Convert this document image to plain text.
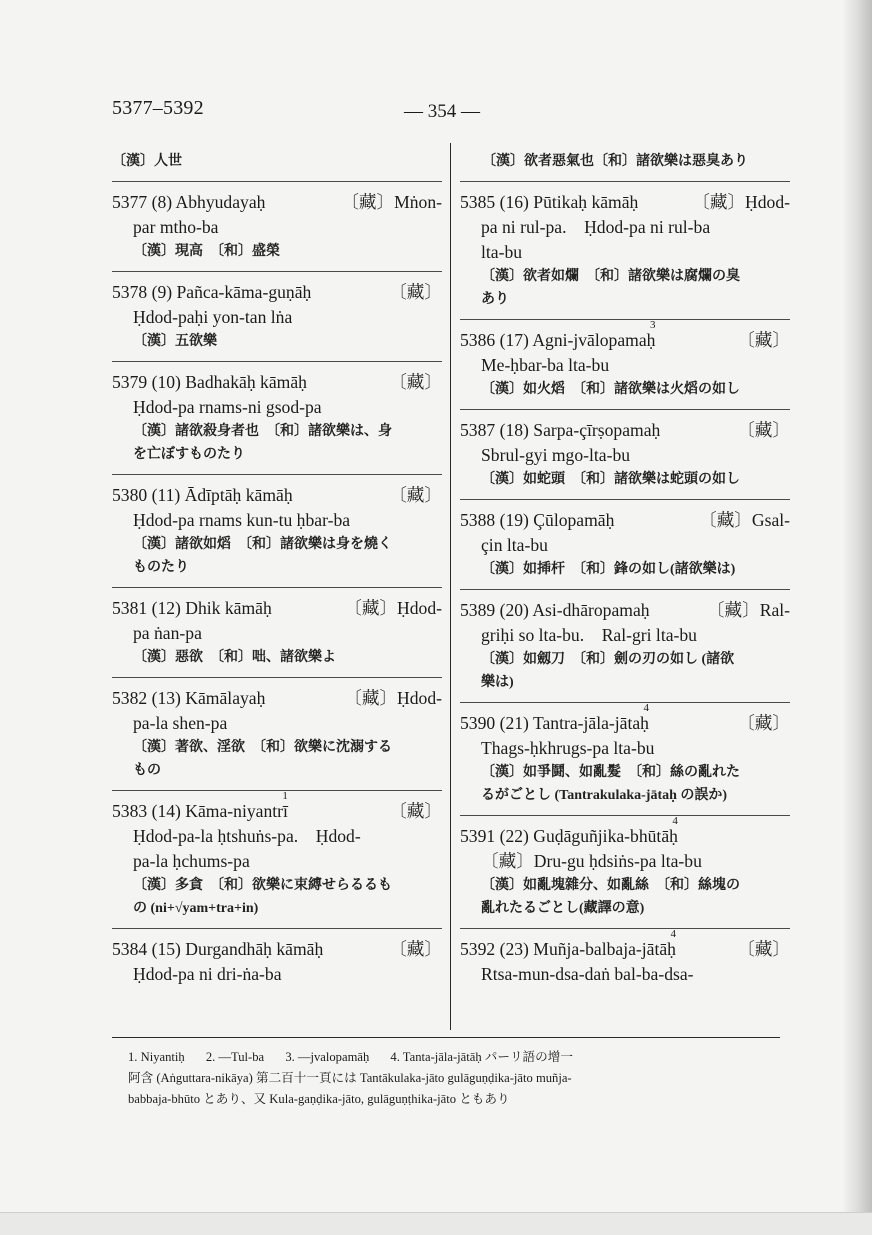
5377–5392	— 354 —
〔漢〕人世
5377 (8) Abhyudayaḥ	〔藏〕Mṅon-
par mtho-ba
〔漢〕現高　〔和〕盛榮
5378 (9) Pañca-kāma-guṇāḥ	〔藏〕
Ḥdod-paḥi yon-tan lṅa
〔漢〕五欲樂
5379 (10) Badhakāḥ kāmāḥ	〔藏〕
Ḥdod-pa rnams-ni gsod-pa
〔漢〕諸欲殺身者也　〔和〕諸欲樂は、身
を亡ぼすものたり
5380 (11) Ādīptāḥ kāmāḥ	〔藏〕
Ḥdod-pa rnams kun-tu ḥbar-ba
〔漢〕諸欲如熖　〔和〕諸欲樂は身を燒く
ものたり
5381 (12) Dhik kāmāḥ	〔藏〕Ḥdod-
pa ṅan-pa
〔漢〕惡欲　〔和〕咄、諸欲樂よ
5382 (13) Kāmālayaḥ	〔藏〕Ḥdod-
pa-la shen-pa
〔漢〕著欲、淫欲　〔和〕欲樂に沈溺する
もの
5383 (14) Kāma-niyantrī
1
〔藏〕
Ḥdod-pa-la ḥtshuṅs-pa.　Ḥdod-
pa-la ḥchums-pa
〔漢〕多貪　〔和〕欲樂に束縛せらるるも
の (ni+√yam+tra+in)
5384 (15) Durgandhāḥ kāmāḥ	〔藏〕
Ḥdod-pa ni dri-ṅa-ba
〔漢〕欲者惡氣也〔和〕諸欲樂は惡臭あり
5385 (16) Pūtikaḥ kāmāḥ	〔藏〕Ḥdod-
pa ni rul-pa.　Ḥdod-pa ni rul-ba
lta-bu
〔漢〕欲者如爛　〔和〕諸欲樂は腐爛の臭
あり
5386 (17) Agni-jvālopamaḥ
3
〔藏〕
Me-ḥbar-ba lta-bu
〔漢〕如火熖　〔和〕諸欲樂は火熖の如し
5387 (18) Sarpa-çīrṣopamaḥ	〔藏〕
Sbrul-gyi mgo-lta-bu
〔漢〕如蛇頭　〔和〕諸欲樂は蛇頭の如し
5388 (19) Çūlopamāḥ	〔藏〕Gsal-
çin lta-bu
〔漢〕如揷杆　〔和〕鋒の如し(諸欲樂は)
5389 (20) Asi-dhāropamaḥ	〔藏〕Ral-
griḥi so lta-bu.　Ral-gri lta-bu
〔漢〕如劔刀　〔和〕劍の刃の如し (諸欲
樂は)
5390 (21) Tantra-jāla-jātaḥ
4
〔藏〕
Thags-ḥkhrugs-pa lta-bu
〔漢〕如爭鬪、如亂髮　〔和〕絲の亂れた
るがごとし (Tantrakulaka-jātaḥ の誤か)
5391 (22) Guḍāguñjika-bhūtāḥ
4
〔藏〕Dru-gu ḥdsiṅs-pa lta-bu
〔漢〕如亂塊雜分、如亂絲　〔和〕絲塊の
亂れたるごとし(藏譯の意)
5392 (23) Muñja-balbaja-jātāḥ
4
〔藏〕
Rtsa-mun-dsa-daṅ bal-ba-dsa-
1. Niyantiḥ 2. —Tul-ba 3. —jvalopamāḥ 4. Tanta-jāla-jātāḥ パーリ語の增一
阿含 (Aṅguttara-nikāya) 第二百十一頁には Tantākulaka-jāto gulāguṇḍika-jāto muñja-
babbaja-bhūto とあり、又 Kula-gaṇḍika-jāto, gulāguṇṭhika-jāto ともあり
